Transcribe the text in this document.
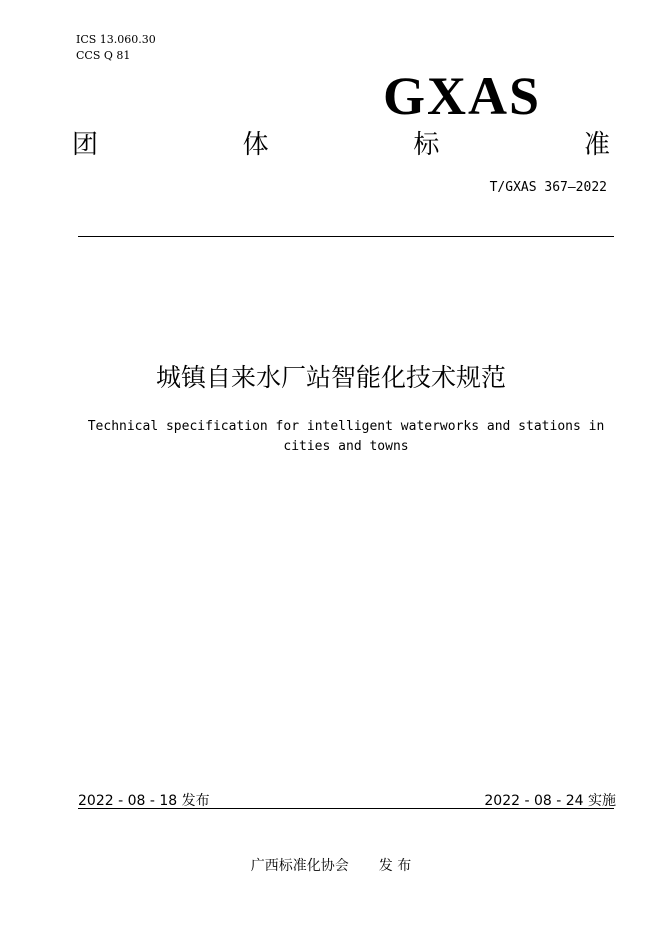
ICS 13.060.30
CCS Q 81
GXAS
团	体	标	准
T/GXAS 367—2022
城镇自来水厂站智能化技术规范
Technical specification for intelligent waterworks and stations in
cities and towns
2022 - 08 - 18 发布	2022 - 08 - 24 实施
广西标准化协会 发 布
